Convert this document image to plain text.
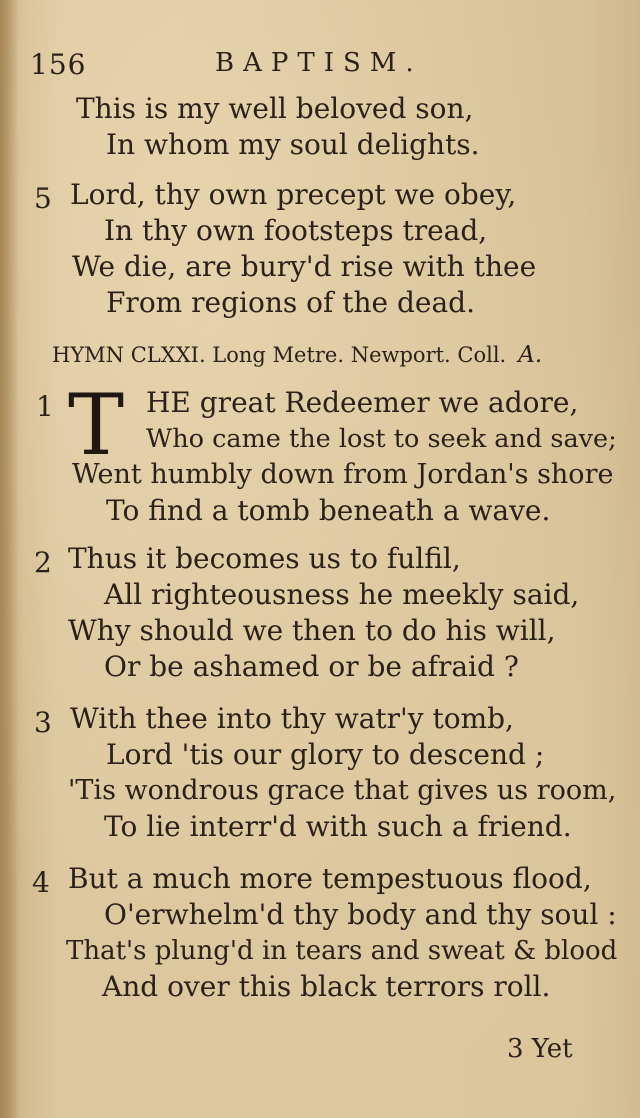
156	BAPTISM.
This is my well beloved son,
In whom my soul delights.
5 Lord, thy own precept we obey,
In thy own footsteps tread,
We die, are bury'd rise with thee
From regions of the dead.
HYMN CLXXI. Long Metre. Newport. Coll. A.
1 T HE great Redeemer we adore,
Who came the lost to seek and save;
Went humbly down from Jordan's shore
To find a tomb beneath a wave.
2 Thus it becomes us to fulfil,
All righteousness he meekly said,
Why should we then to do his will,
Or be ashamed or be afraid ?
3 With thee into thy watr'y tomb,
Lord 'tis our glory to descend ;
'Tis wondrous grace that gives us room,
To lie interr'd with such a friend.
4 But a much more tempestuous flood,
O'erwhelm'd thy body and thy soul :
That's plung'd in tears and sweat & blood
And over this black terrors roll.
3 Yet
